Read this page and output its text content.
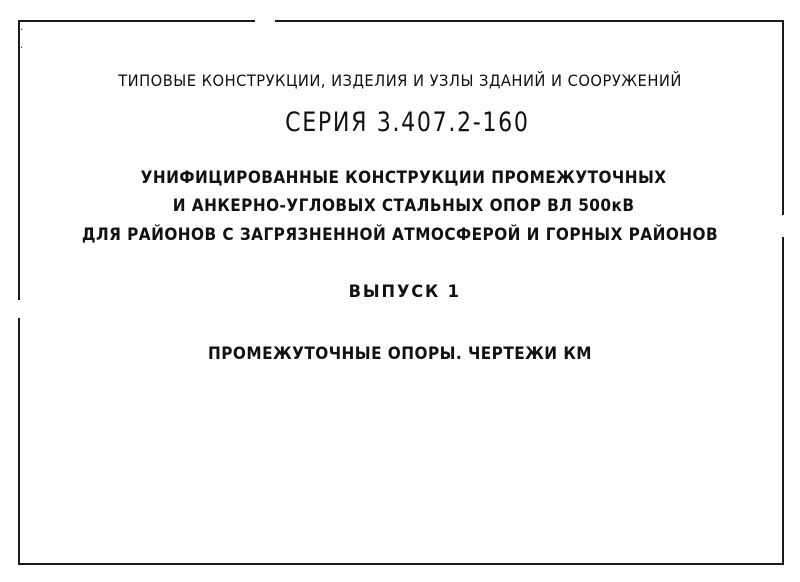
·
·
ТИПОВЫЕ КОНСТРУКЦИИ, ИЗДЕЛИЯ И УЗЛЫ ЗДАНИЙ И СООРУЖЕНИЙ
СЕРИЯ 3.407.2-160
УНИФИЦИРОВАННЫЕ КОНСТРУКЦИИ ПРОМЕЖУТОЧНЫХ
И АНКЕРНО-УГЛОВЫХ СТАЛЬНЫХ ОПОР ВЛ 500кВ
ДЛЯ РАЙОНОВ С ЗАГРЯЗНЕННОЙ АТМОСФЕРОЙ И ГОРНЫХ РАЙОНОВ
ВЫПУСК 1
ПРОМЕЖУТОЧНЫЕ ОПОРЫ. ЧЕРТЕЖИ КМ
